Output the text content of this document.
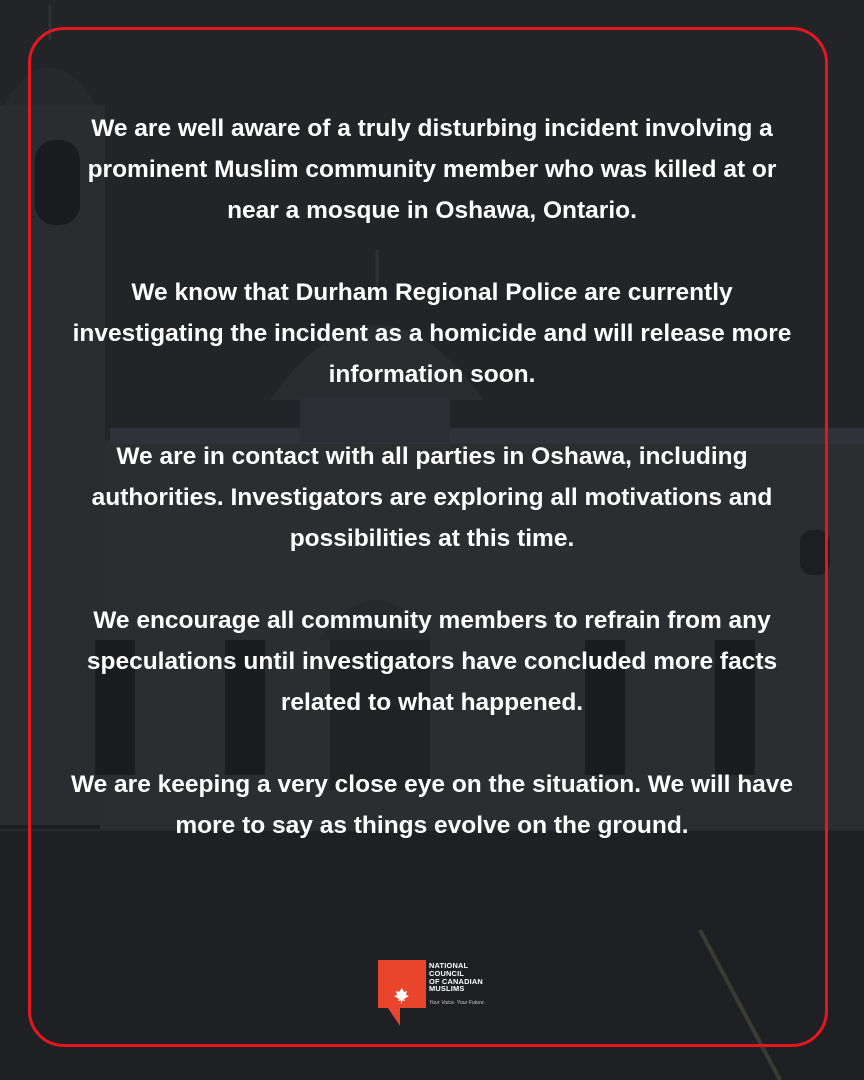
We are well aware of a truly disturbing incident involving a prominent Muslim community member who was killed at or near a mosque in Oshawa, Ontario.

We know that Durham Regional Police are currently investigating the incident as a homicide and will release more information soon.

We are in contact with all parties in Oshawa, including authorities. Investigators are exploring all motivations and possibilities at this time.

We encourage all community members to refrain from any speculations until investigators have concluded more facts related to what happened.

We are keeping a very close eye on the situation. We will have more to say as things evolve on the ground.

NATIONAL
COUNCIL
OF CANADIAN
MUSLIMS
Your Voice. Your Future.
